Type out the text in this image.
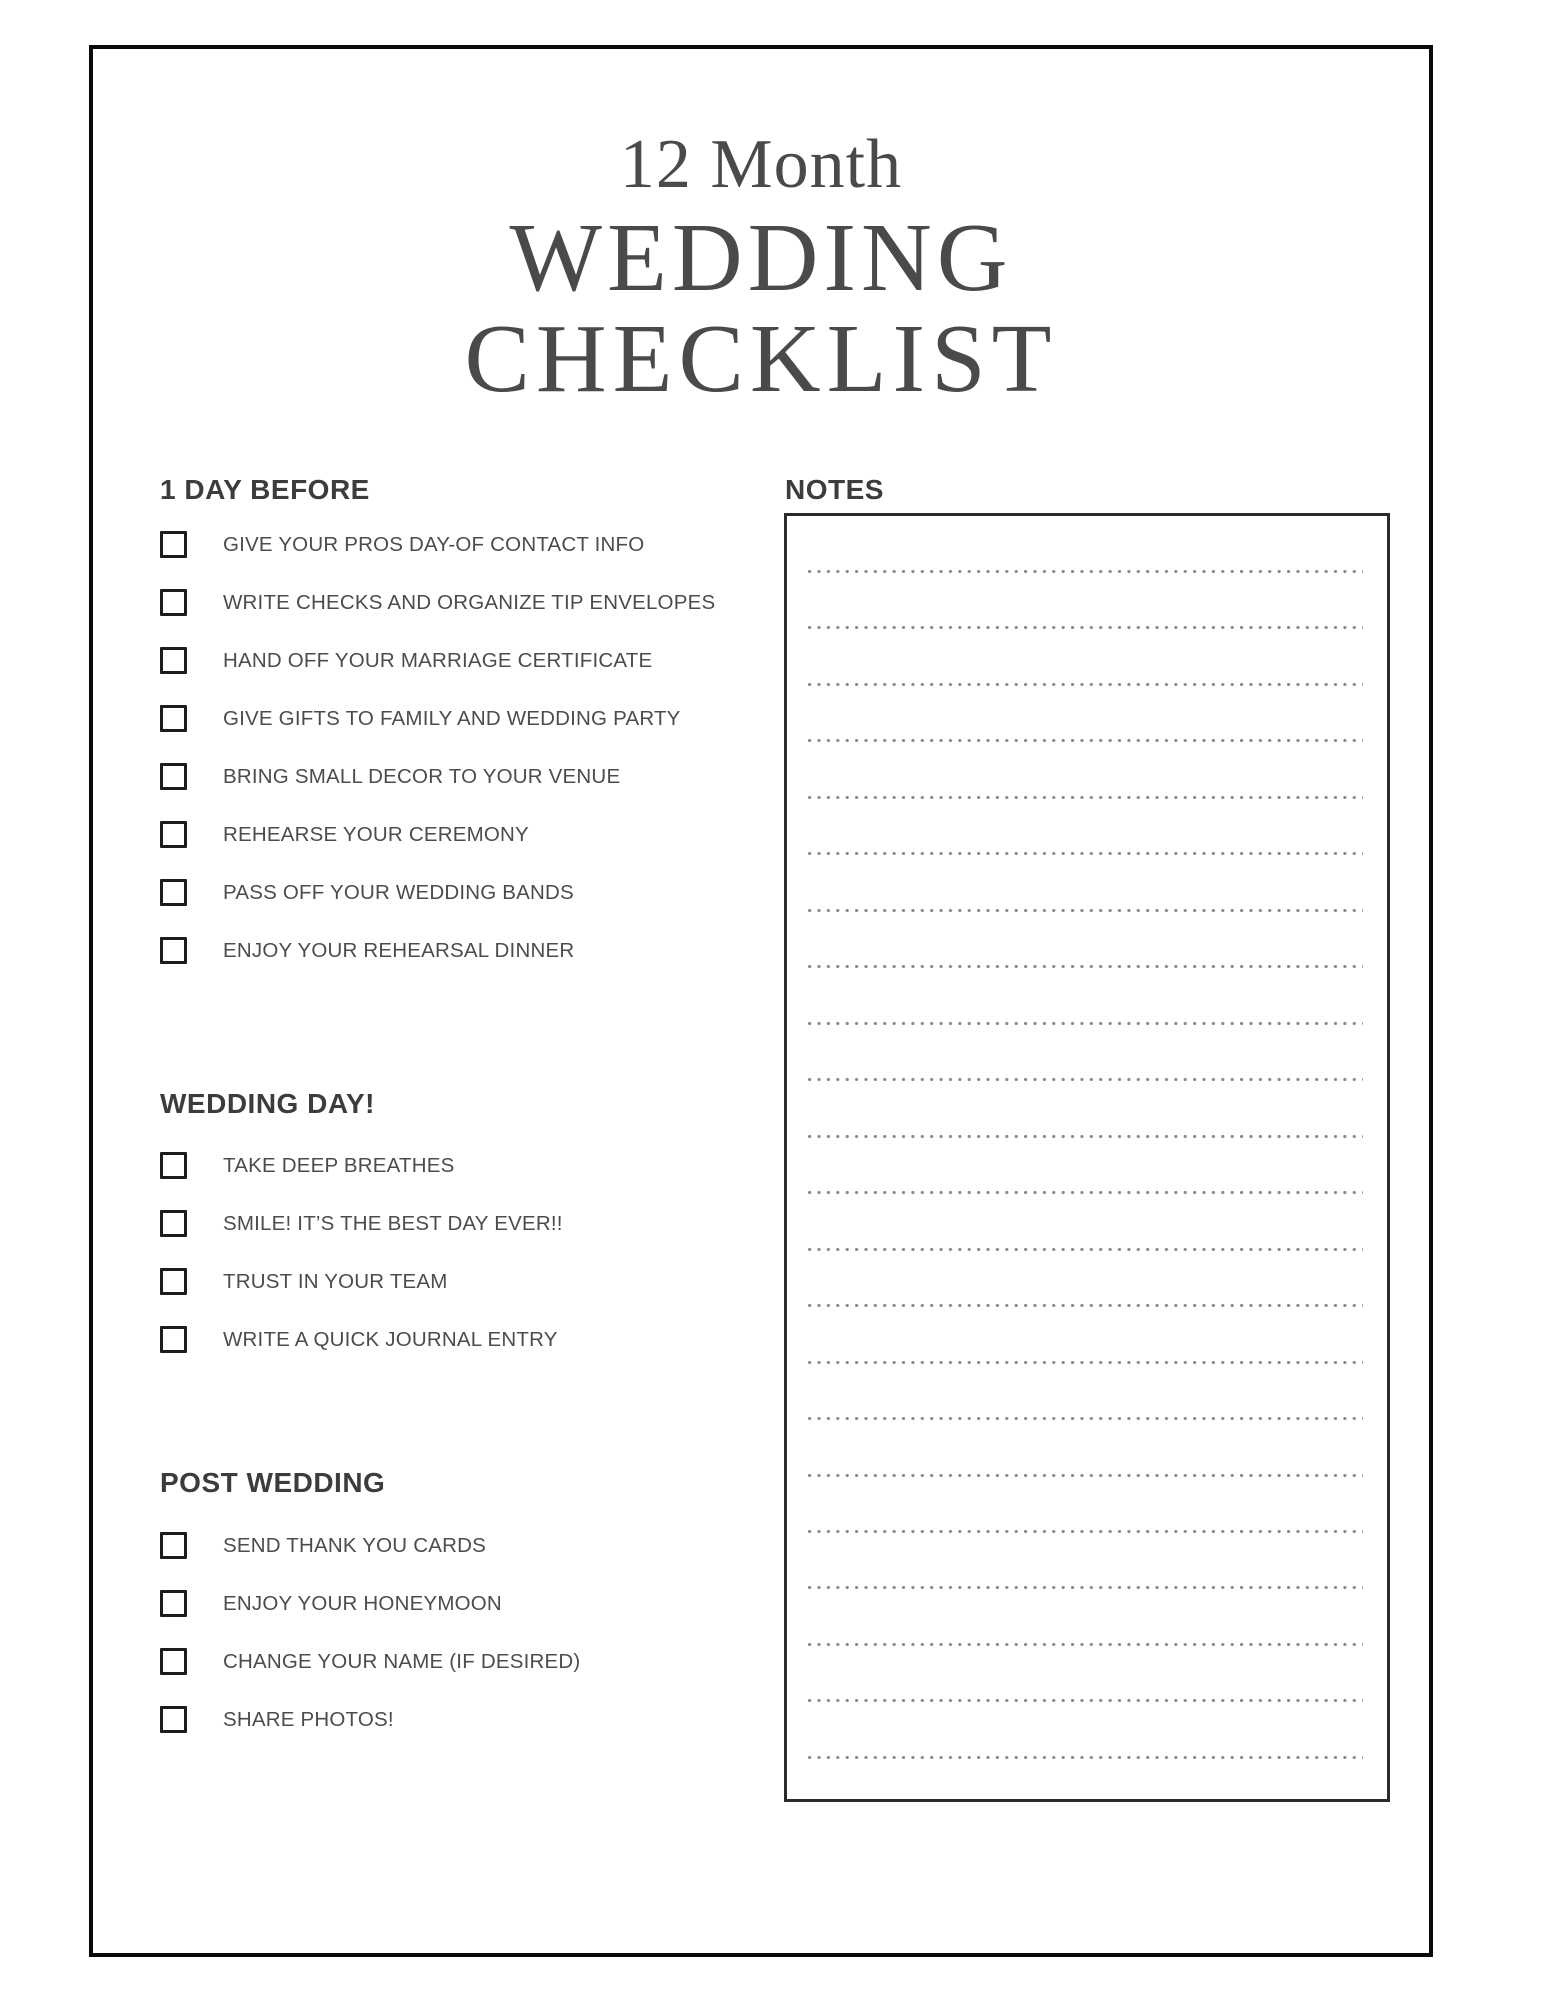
12 Month
WEDDING
CHECKLIST
1 DAY BEFORE
GIVE YOUR PROS DAY-OF CONTACT INFO
WRITE CHECKS AND ORGANIZE TIP ENVELOPES
HAND OFF YOUR MARRIAGE CERTIFICATE
GIVE GIFTS TO FAMILY AND WEDDING PARTY
BRING SMALL DECOR TO YOUR VENUE
REHEARSE YOUR CEREMONY
PASS OFF YOUR WEDDING BANDS
ENJOY YOUR REHEARSAL DINNER
WEDDING DAY!
TAKE DEEP BREATHES
SMILE! IT’S THE BEST DAY EVER!!
TRUST IN YOUR TEAM
WRITE A QUICK JOURNAL ENTRY
POST WEDDING
SEND THANK YOU CARDS
ENJOY YOUR HONEYMOON
CHANGE YOUR NAME (IF DESIRED)
SHARE PHOTOS!
NOTES
